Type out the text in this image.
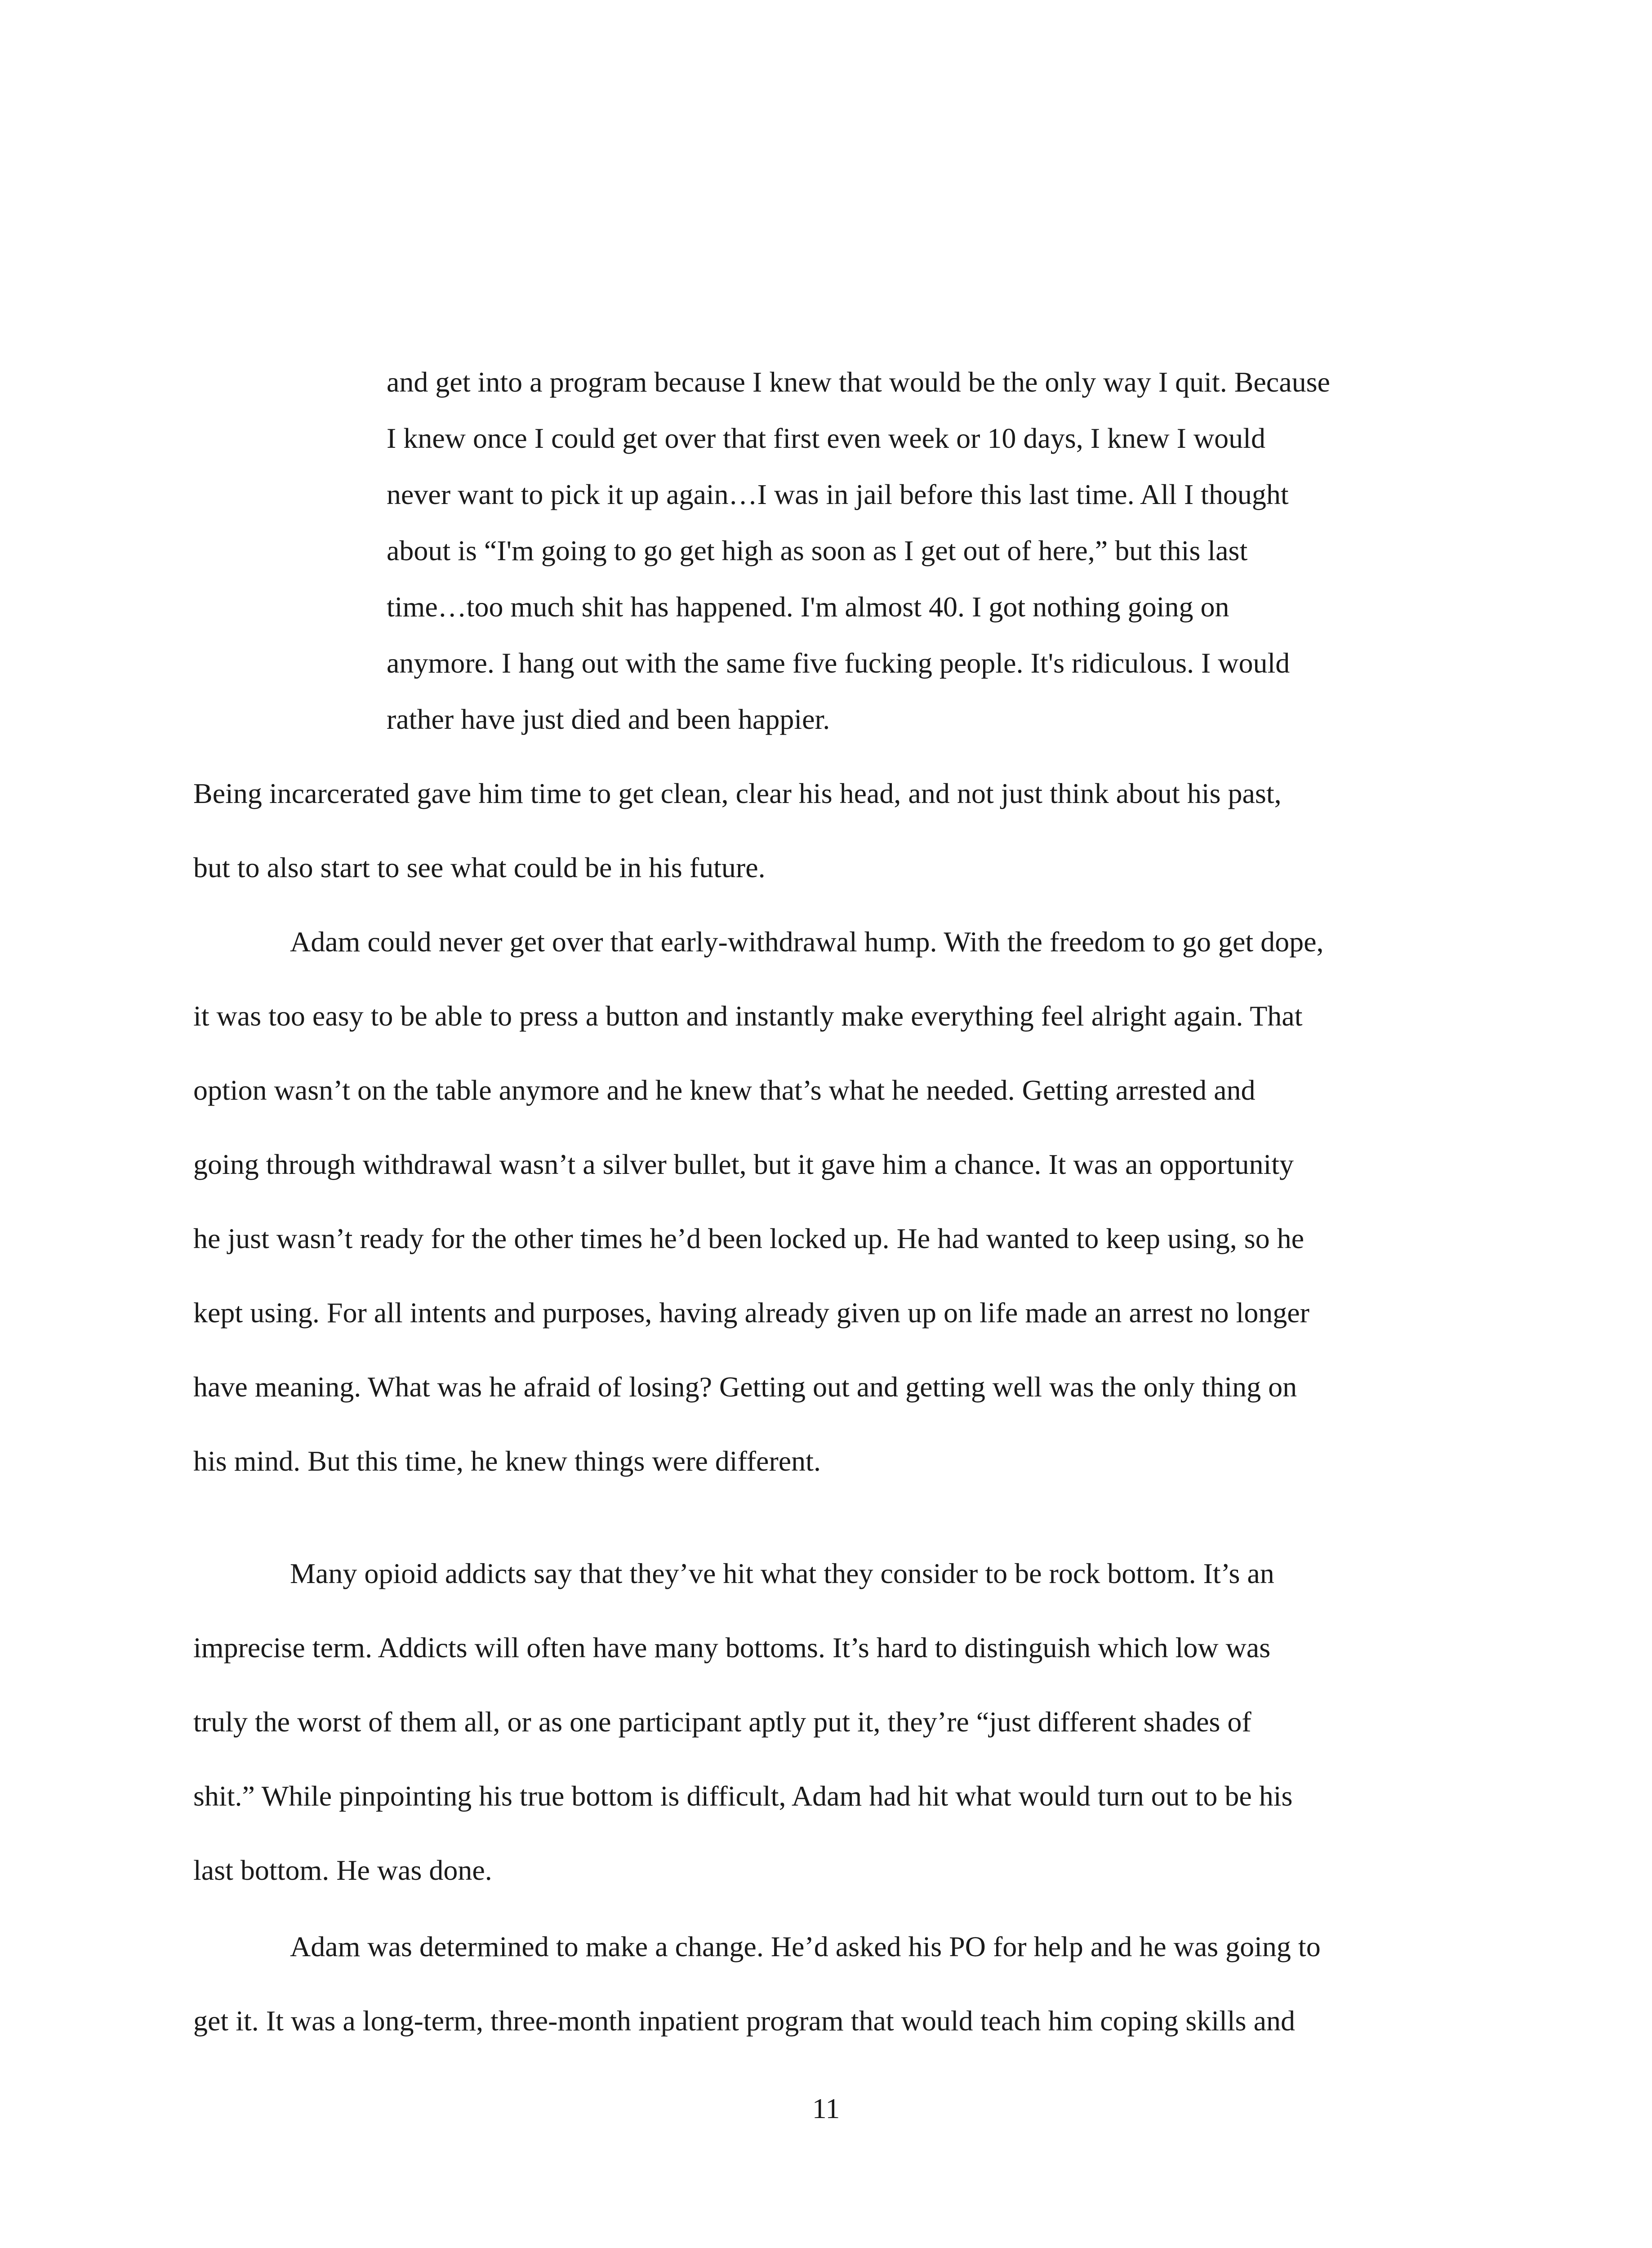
and get into a program because I knew that would be the only way I quit. Because

I knew once I could get over that first even week or 10 days, I knew I would

never want to pick it up again…I was in jail before this last time. All I thought

about is “I'm going to go get high as soon as I get out of here,” but this last

time…too much shit has happened. I'm almost 40. I got nothing going on

anymore. I hang out with the same five fucking people. It's ridiculous. I would

rather have just died and been happier.

Being incarcerated gave him time to get clean, clear his head, and not just think about his past,

but to also start to see what could be in his future.

Adam could never get over that early-withdrawal hump. With the freedom to go get dope,

it was too easy to be able to press a button and instantly make everything feel alright again. That

option wasn’t on the table anymore and he knew that’s what he needed. Getting arrested and

going through withdrawal wasn’t a silver bullet, but it gave him a chance. It was an opportunity

he just wasn’t ready for the other times he’d been locked up. He had wanted to keep using, so he

kept using. For all intents and purposes, having already given up on life made an arrest no longer

have meaning. What was he afraid of losing? Getting out and getting well was the only thing on

his mind. But this time, he knew things were different.

Many opioid addicts say that they’ve hit what they consider to be rock bottom. It’s an

imprecise term. Addicts will often have many bottoms. It’s hard to distinguish which low was

truly the worst of them all, or as one participant aptly put it, they’re “just different shades of

shit.” While pinpointing his true bottom is difficult, Adam had hit what would turn out to be his

last bottom. He was done.

Adam was determined to make a change. He’d asked his PO for help and he was going to

get it. It was a long-term, three-month inpatient program that would teach him coping skills and

11
